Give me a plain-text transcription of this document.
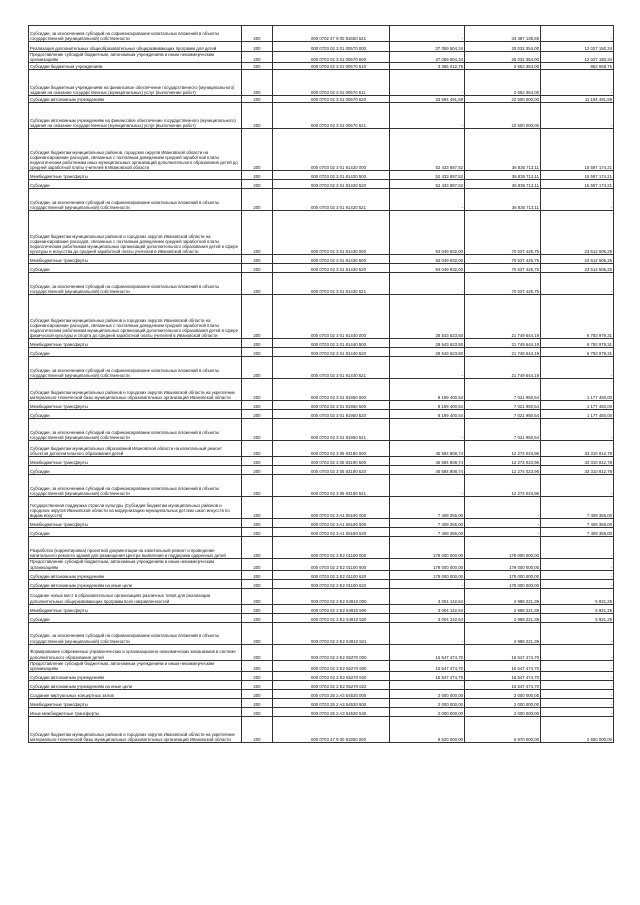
Субсидии, за исключением субсидий на софинансирование капитальных вложений в объекты государственной (муниципальной) собственности	200	000 0702 47 9 00 81650 521	-	34 387 138,65	-
Реализация дополнительных общеобразовательных общеразвивающих программ для детей	200	000 0703 02 3 01 00570 000	37 059 504,34	25 032 354,00	12 027 150,34
Предоставление субсидий бюджетным, автономным учреждениям и иным некоммерческим организациям	200	000 0703 02 3 01 00570 600	37 059 504,34	25 032 354,00	12 027 150,34
Субсидии бюджетным учреждениям	200	000 0703 02 3 01 00570 610	3 365 012,75	2 552 354,00	852 658,75
Субсидии бюджетным учреждениям на финансовое обеспечение государственного (муниципального) задания на оказание государственных (муниципальных) услуг (выполнение работ)	200	000 0703 02 3 01 00570 611	-	2 552 354,00	-
Субсидии автономным учреждениям	200	000 0703 02 3 01 00570 620	33 694 491,59	22 500 000,00	11 194 491,59
Субсидии автономным учреждениям на финансовое обеспечение государственного (муниципального) задания на оказание государственных (муниципальных) услуг (выполнение работ)	200	000 0703 02 3 01 00570 621	-	22 500 000,00	-
Субсидия бюджетам муниципальных районов, городских округов Ивановской области на софинансирование расходов, связанных с поэтапным доведением средней заработной платы педагогическим работникам иных муниципальных организаций дополнительного образования детей до средней заработной платы учителей в Ивановской области	200	000 0703 02 3 01 81420 000	52 433 887,52	36 836 713,11	15 597 174,21
Межбюджетные трансферты	200	000 0703 02 3 01 81420 500	52 433 887,52	36 836 713,11	15 597 174,21
Субсидии	200	000 0703 02 3 01 81420 520	52 433 887,52	36 836 713,11	15 597 174,21
Субсидии, за исключением субсидий на софинансирование капитальных вложений в объекты государственной (муниципальной) собственности	200	000 0703 02 3 01 81420 521	-	36 836 713,11	-
Субсидия бюджетам муниципальных районов и городских округов Ивановской области на софинансирование расходов, связанных с поэтапным доведением средней заработной платы педагогическим работникам муниципальных организаций дополнительного образования детей в сфере культуры и искусства до средней заработной платы учителей в Ивановской области	200	000 0703 02 3 01 81430 000	94 049 932,00	70 537 425,75	23 512 506,25
Межбюджетные трансферты	200	000 0703 02 3 01 81430 500	94 049 932,00	70 537 425,75	23 512 506,25
Субсидии	200	000 0703 02 3 01 81430 520	94 049 932,00	70 537 425,75	23 512 506,25
Субсидии, за исключением субсидий на софинансирование капитальных вложений в объекты государственной (муниципальной) собственности	200	000 0703 02 3 01 81430 521	-	70 537 425,75	-
Субсидия бюджетам муниципальных районов и городских округов Ивановской области на софинансирование расходов, связанных с поэтапным доведением средней заработной платы педагогическим работникам муниципальных организаций дополнительного образования детей в сфере физической культуры и спорта до средней заработной платы учителей в Ивановской области	200	000 0703 02 3 01 81440 000	28 543 623,50	21 749 644,19	6 793 979,31
Межбюджетные трансферты	200	000 0703 02 3 01 81440 500	28 543 623,50	21 749 644,19	6 793 979,31
Субсидии	200	000 0703 02 3 01 81440 520	28 543 623,50	21 749 644,19	6 793 979,31
Субсидии, за исключением субсидий на софинансирование капитальных вложений в объекты государственной (муниципальной) собственности	200	000 0703 02 3 01 81440 521	-	21 749 644,19	-
Субсидия бюджетам муниципальных районов и городских округов Ивановской области на укрепление материально-технической базы муниципальных образовательных организаций Ивановской области	200	000 0703 02 3 01 81950 000	8 199 400,54	7 021 950,54	1 177 450,00
Межбюджетные трансферты	200	000 0703 02 3 01 81950 500	8 199 400,54	7 021 950,54	1 177 450,00
Субсидии	200	000 0703 02 3 01 81950 520	8 199 400,54	7 021 950,54	1 177 450,00
Субсидии, за исключением субсидий на софинансирование капитальных вложений в объекты государственной (муниципальной) собственности	200	000 0703 02 3 01 81950 521	-	7 021 950,54	-
Субсидия бюджетам муниципальных образований Ивановской области на капитальный ремонт объектов дополнительного образования детей	200	000 0703 02 3 05 83190 000	45 584 808,74	12 274 023,96	33 310 812,78
Межбюджетные трансферты	200	000 0703 02 3 05 83190 500	45 584 808,74	12 274 023,96	33 310 812,78
Субсидии	200	000 0703 02 3 05 83190 520	45 584 808,74	12 274 023,96	33 310 812,78
Субсидии, за исключением субсидий на софинансирование капитальных вложений в объекты государственной (муниципальной) собственности	200	000 0703 02 3 05 83190 521	-	12 274 023,96	-
Государственная поддержка отрасли культуры (Субсидия бюджетам муниципальных районов и городских округов Ивановской области на модернизацию муниципальных детских школ искусств по видам искусств)	200	000 0703 02 3 A1 55190 000	7 409 355,00	-	7 409 355,00
Межбюджетные трансферты	200	000 0703 02 3 A1 55190 500	7 409 355,00	-	7 409 355,00
Субсидии	200	000 0703 02 3 A1 55190 520	7 409 355,00	-	7 409 355,00
Разработка (корректировка) проектной документации на капитальный ремонт и проведение капитального ремонта зданий для размещения Центра выявления и поддержки одаренных детей	200	000 0703 02 3 E2 01100 000	179 000 000,00	179 000 000,00	-
Предоставление субсидий бюджетным, автономным учреждениям и иным некоммерческим организациям	200	000 0703 02 3 E2 01100 600	179 000 000,00	179 000 000,00	-
Субсидии автономным учреждениям	200	000 0703 02 3 E2 01100 620	179 000 000,00	179 000 000,00	-
Субсидии автономным учреждениям на иные цели	200	000 0703 02 3 E2 01100 622	-	179 000 000,00	-
Создание новых мест в образовательных организациях различных типов для реализации дополнительных общеразвивающих программ всех направленностей	200	000 0703 02 3 E2 54910 000	3 004 142,64	2 998 221,39	5 921,25
Межбюджетные трансферты	200	000 0703 02 3 E2 54910 500	3 004 142,64	2 998 221,39	5 921,25
Субсидии	200	000 0703 02 3 E2 54910 520	3 004 142,64	2 998 221,39	5 921,25
Субсидии, за исключением субсидий на софинансирование капитальных вложений в объекты государственной (муниципальной) собственности	200	000 0703 02 3 E2 54910 521	-	2 998 221,39	-
Формирование современных управленческих и организационно-экономических механизмов в системе дополнительного образования детей	200	000 0703 02 3 E2 55270 000	15 547 474,70	15 547 474,70	-
Предоставление субсидий бюджетным, автономным учреждениям и иным некоммерческим организациям	200	000 0703 02 3 E2 55270 600	15 547 474,70	15 547 474,70	-
Субсидии автономным учреждениям	200	000 0703 02 3 E2 55270 620	15 547 474,70	15 547 474,70	-
Субсидии автономным учреждениям на иные цели	200	000 0703 02 3 E2 55270 622	-	15 547 474,70	-
Создание виртуальных концертных залов	200	000 0703 25 2 A3 54530 000	2 000 000,00	2 000 000,00	-
Межбюджетные трансферты	200	000 0703 25 2 A3 54530 500	2 000 000,00	2 000 000,00	-
Иные межбюджетные трансферты	200	000 0703 25 2 A3 54530 540	2 000 000,00	2 000 000,00	-
Субсидия бюджетам муниципальных районов и городских округов Ивановской области на укрепление материально-технической базы муниципальных образовательных организаций Ивановской области	200	000 0703 47 9 00 81950 000	9 520 000,00	6 970 000,00	2 550 000,00
